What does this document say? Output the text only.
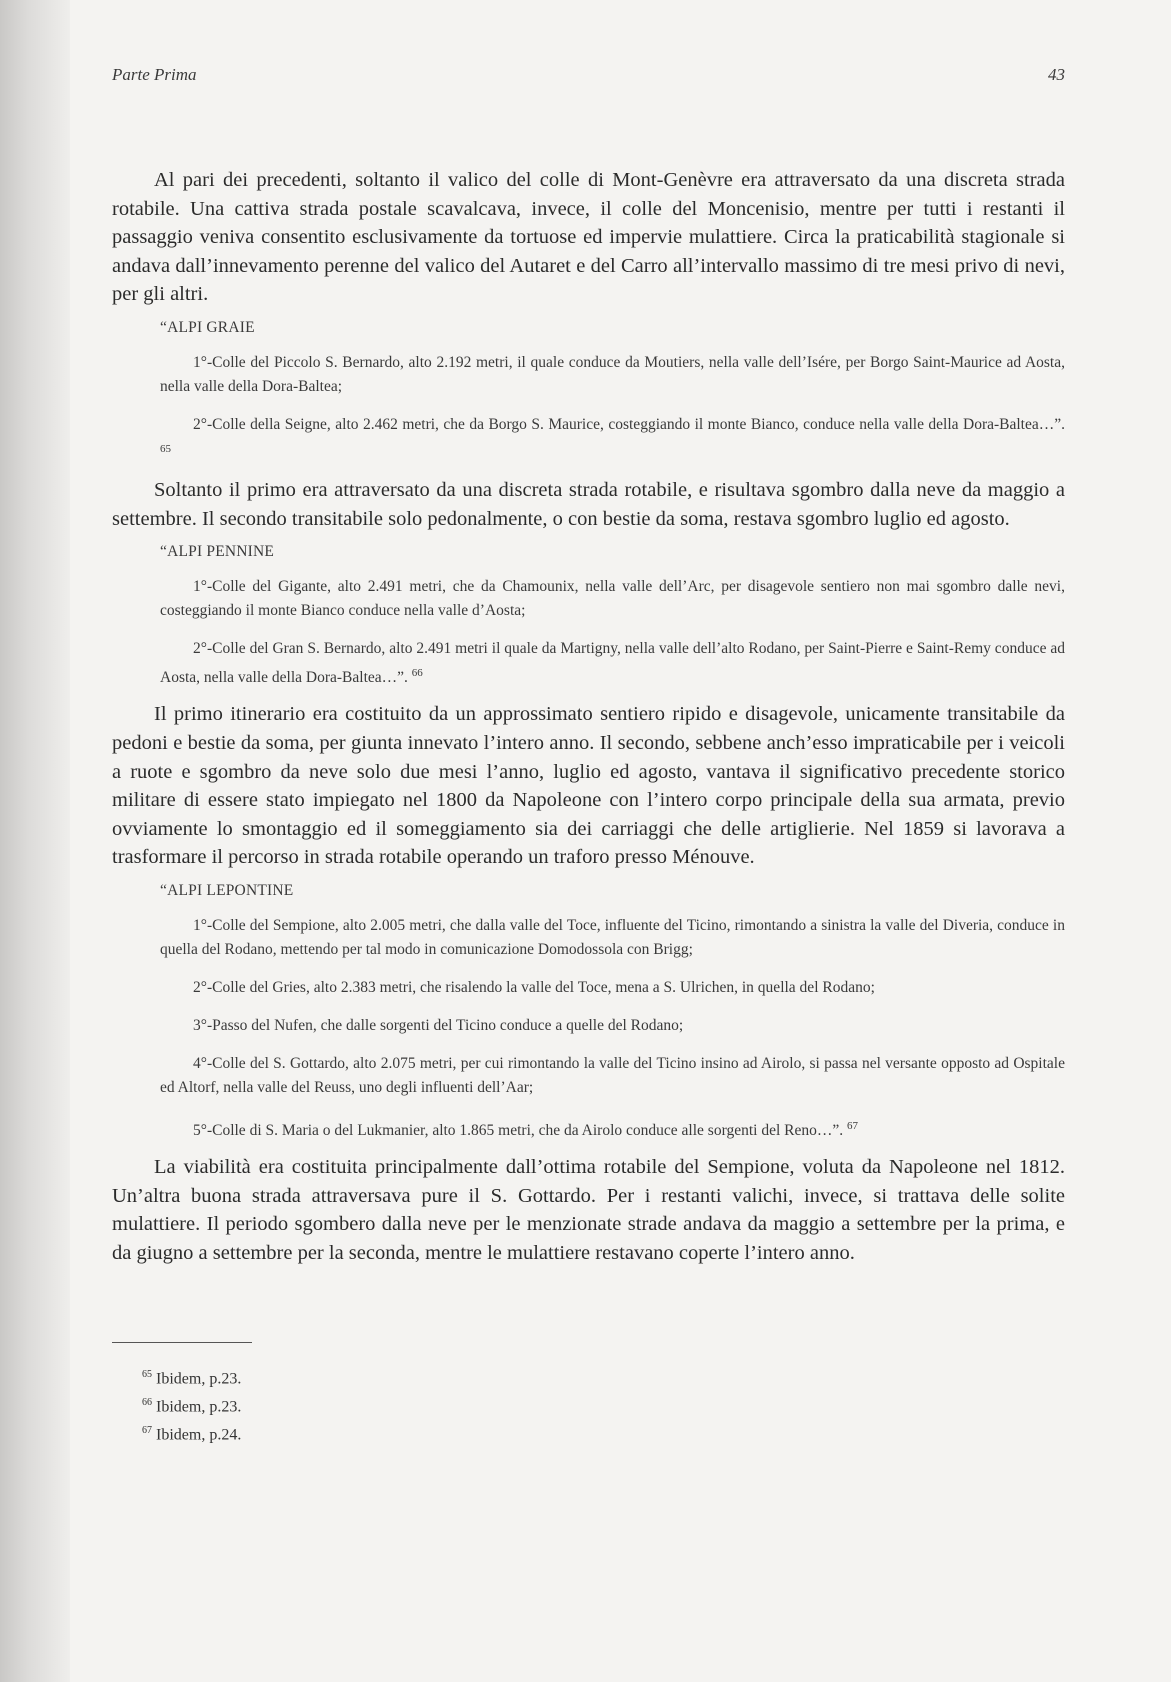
Parte Prima	43

Al pari dei precedenti, soltanto il valico del colle di Mont-Genèvre era attraversato da una discreta strada rotabile. Una cattiva strada postale scavalcava, invece, il colle del Moncenisio, mentre per tutti i restanti il passaggio veniva consentito esclusivamente da tortuose ed impervie mulattiere. Circa la praticabilità stagionale si andava dall’innevamento perenne del valico del Autaret e del Carro all’intervallo massimo di tre mesi privo di nevi, per gli altri.

“ALPI GRAIE
1°-Colle del Piccolo S. Bernardo, alto 2.192 metri, il quale conduce da Moutiers, nella valle dell’Isére, per Borgo Saint-Maurice ad Aosta, nella valle della Dora-Baltea;
2°-Colle della Seigne, alto 2.462 metri, che da Borgo S. Maurice, costeggiando il monte Bianco, conduce nella valle della Dora-Baltea…”. $^{65}$

Soltanto il primo era attraversato da una discreta strada rotabile, e risultava sgombro dalla neve da maggio a settembre. Il secondo transitabile solo pedonalmente, o con bestie da soma, restava sgombro luglio ed agosto.

“ALPI PENNINE
1°-Colle del Gigante, alto 2.491 metri, che da Chamounix, nella valle dell’Arc, per disagevole sentiero non mai sgombro dalle nevi, costeggiando il monte Bianco conduce nella valle d’Aosta;
2°-Colle del Gran S. Bernardo, alto 2.491 metri il quale da Martigny, nella valle dell’alto Rodano, per Saint-Pierre e Saint-Remy conduce ad Aosta, nella valle della Dora-Baltea…”. $^{66}$

Il primo itinerario era costituito da un approssimato sentiero ripido e disagevole, unicamente transitabile da pedoni e bestie da soma, per giunta innevato l’intero anno. Il secondo, sebbene anch’esso impraticabile per i veicoli a ruote e sgombro da neve solo due mesi l’anno, luglio ed agosto, vantava il significativo precedente storico militare di essere stato impiegato nel 1800 da Napoleone con l’intero corpo principale della sua armata, previo ovviamente lo smontaggio ed il someggiamento sia dei carriaggi che delle artiglierie. Nel 1859 si lavorava a trasformare il percorso in strada rotabile operando un traforo presso Ménouve.

“ALPI LEPONTINE
1°-Colle del Sempione, alto 2.005 metri, che dalla valle del Toce, influente del Ticino, rimontando a sinistra la valle del Diveria, conduce in quella del Rodano, mettendo per tal modo in comunicazione Domodossola con Brigg;
2°-Colle del Gries, alto 2.383 metri, che risalendo la valle del Toce, mena a S. Ulrichen, in quella del Rodano;
3°-Passo del Nufen, che dalle sorgenti del Ticino conduce a quelle del Rodano;
4°-Colle del S. Gottardo, alto 2.075 metri, per cui rimontando la valle del Ticino insino ad Airolo, si passa nel versante opposto ad Ospitale ed Altorf, nella valle del Reuss, uno degli influenti dell’Aar;
5°-Colle di S. Maria o del Lukmanier, alto 1.865 metri, che da Airolo conduce alle sorgenti del Reno…”. $^{67}$

La viabilità era costituita principalmente dall’ottima rotabile del Sempione, voluta da Napoleone nel 1812. Un’altra buona strada attraversava pure il S. Gottardo. Per i restanti valichi, invece, si trattava delle solite mulattiere. Il periodo sgombero dalla neve per le menzionate strade andava da maggio a settembre per la prima, e da giugno a settembre per la seconda, mentre le mulattiere restavano coperte l’intero anno.

$^{65}$ Ibidem, p.23.
$^{66}$ Ibidem, p.23.
$^{67}$ Ibidem, p.24.
